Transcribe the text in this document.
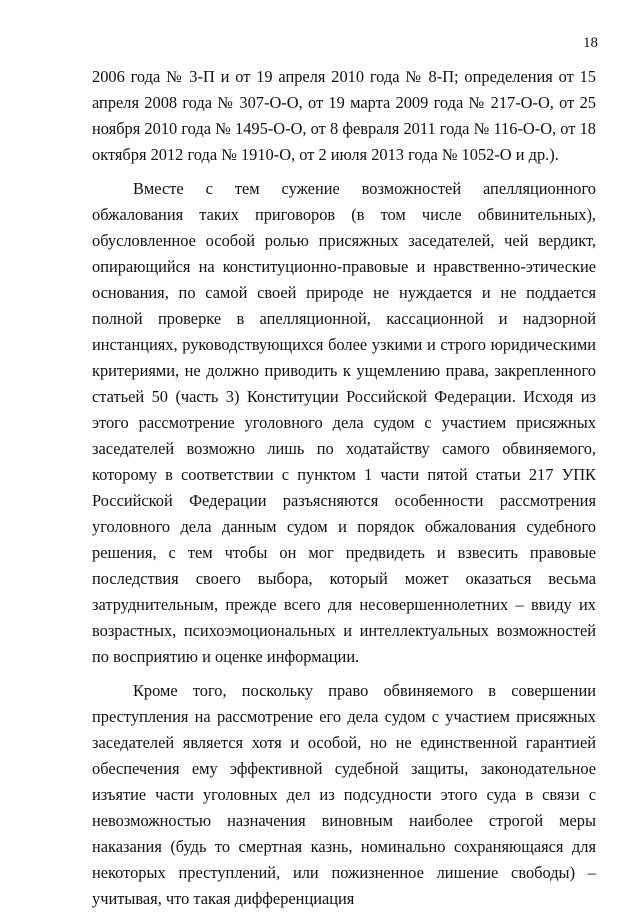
18

2006 года № 3-П и от 19 апреля 2010 года № 8-П; определения от 15 апреля 2008 года № 307-О-О, от 19 марта 2009 года № 217-О-О, от 25 ноября 2010 года № 1495-О-О, от 8 февраля 2011 года № 116-О-О, от 18 октября 2012 года № 1910-О, от 2 июля 2013 года № 1052-О и др.).

Вместе с тем сужение возможностей апелляционного обжалования таких приговоров (в том числе обвинительных), обусловленное особой ролью присяжных заседателей, чей вердикт, опирающийся на конституционно-правовые и нравственно-этические основания, по самой своей природе не нуждается и не поддается полной проверке в апелляционной, кассационной и надзорной инстанциях, руководствующихся более узкими и строго юридическими критериями, не должно приводить к ущемлению права, закрепленного статьей 50 (часть 3) Конституции Российской Федерации. Исходя из этого рассмотрение уголовного дела судом с участием присяжных заседателей возможно лишь по ходатайству самого обвиняемого, которому в соответствии с пунктом 1 части пятой статьи 217 УПК Российской Федерации разъясняются особенности рассмотрения уголовного дела данным судом и порядок обжалования судебного решения, с тем чтобы он мог предвидеть и взвесить правовые последствия своего выбора, который может оказаться весьма затруднительным, прежде всего для несовершеннолетних – ввиду их возрастных, психоэмоциональных и интеллектуальных возможностей по восприятию и оценке информации.

Кроме того, поскольку право обвиняемого в совершении преступления на рассмотрение его дела судом с участием присяжных заседателей является хотя и особой, но не единственной гарантией обеспечения ему эффективной судебной защиты, законодательное изъятие части уголовных дел из подсудности этого суда в связи с невозможностью назначения виновным наиболее строгой меры наказания (будь то смертная казнь, номинально сохраняющаяся для некоторых преступлений, или пожизненное лишение свободы) – учитывая, что такая дифференциация
